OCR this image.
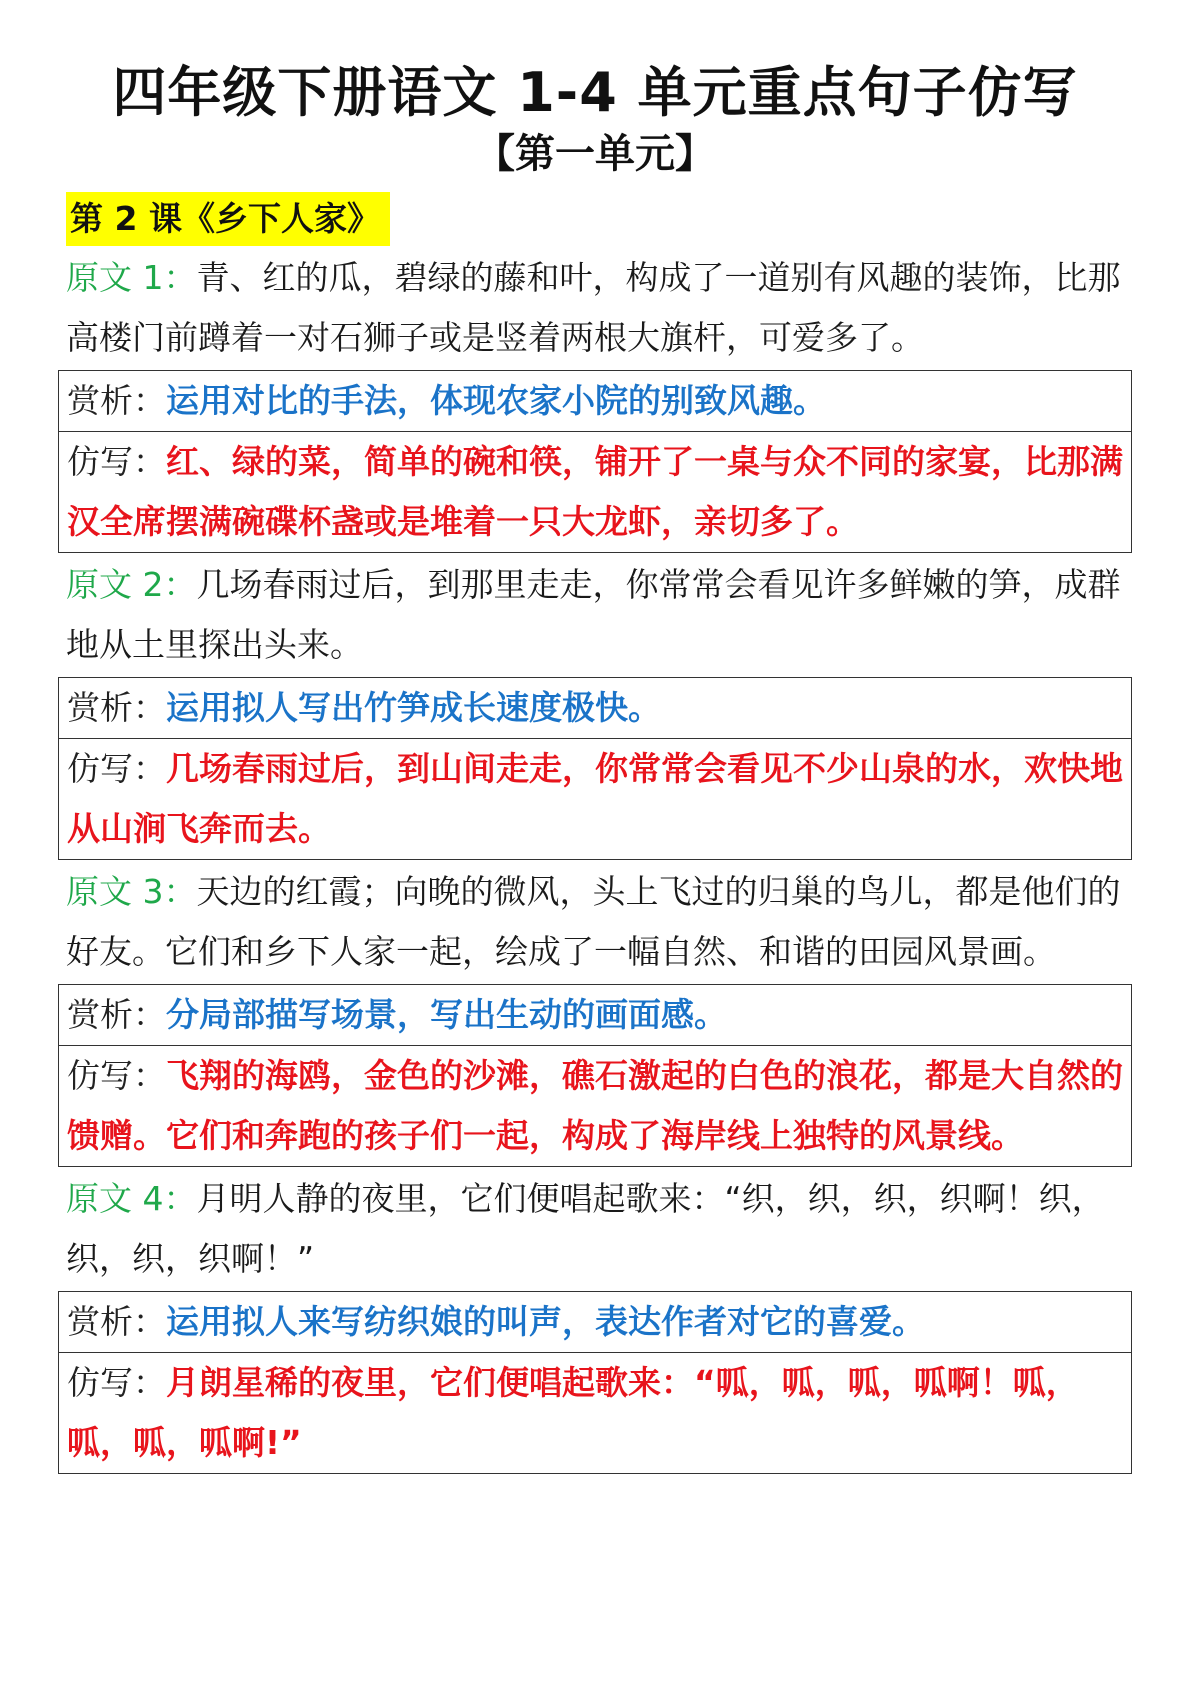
四年级下册语文 1-4 单元重点句子仿写
【第一单元】
第 2 课《乡下人家》
原文 1：青、红的瓜，碧绿的藤和叶，构成了一道别有风趣的装饰，比那高楼门前蹲着一对石狮子或是竖着两根大旗杆，可爱多了。
赏析：运用对比的手法，体现农家小院的别致风趣。
仿写：红、绿的菜，简单的碗和筷，铺开了一桌与众不同的家宴，比那满汉全席摆满碗碟杯盏或是堆着一只大龙虾，亲切多了。
原文 2：几场春雨过后，到那里走走，你常常会看见许多鲜嫩的笋，成群地从土里探出头来。
赏析：运用拟人写出竹笋成长速度极快。
仿写：几场春雨过后，到山间走走，你常常会看见不少山泉的水，欢快地从山涧飞奔而去。
原文 3：天边的红霞；向晚的微风，头上飞过的归巢的鸟儿，都是他们的好友。它们和乡下人家一起，绘成了一幅自然、和谐的田园风景画。
赏析：分局部描写场景，写出生动的画面感。
仿写：飞翔的海鸥，金色的沙滩，礁石激起的白色的浪花，都是大自然的馈赠。它们和奔跑的孩子们一起，构成了海岸线上独特的风景线。
原文 4：月明人静的夜里，它们便唱起歌来：“织，织，织，织啊！织，织，织，织啊！”
赏析：运用拟人来写纺织娘的叫声，表达作者对它的喜爱。
仿写：月朗星稀的夜里，它们便唱起歌来：“呱，呱，呱，呱啊！呱，呱，呱，呱啊!”
